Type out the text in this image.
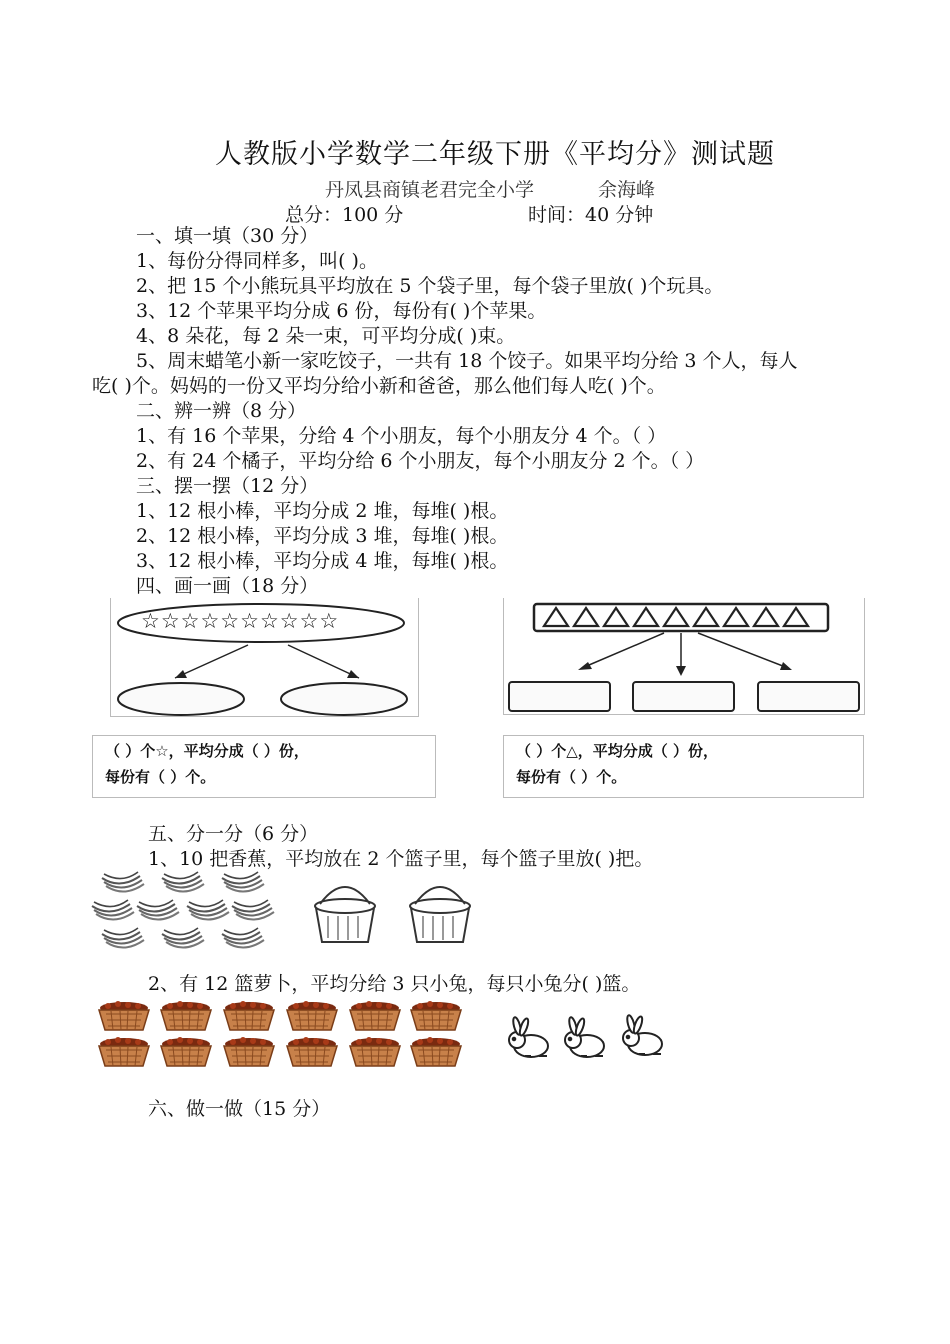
人教版小学数学二年级下册《平均分》测试题
丹凤县商镇老君完全小学	余海峰
总分：100 分	时间：40 分钟
一、填一填（30 分）
1、每份分得同样多，叫( )。
2、把 15 个小熊玩具平均放在 5 个袋子里，每个袋子里放( )个玩具。
3、12 个苹果平均分成 6 份，每份有( )个苹果。
4、8 朵花，每 2 朵一束，可平均分成( )束。
5、周末蜡笔小新一家吃饺子，一共有 18 个饺子。如果平均分给 3 个人，每人
吃( )个。妈妈的一份又平均分给小新和爸爸，那么他们每人吃( )个。
二、辨一辨（8 分）
1、有 16 个苹果，分给 4 个小朋友，每个小朋友分 4 个。（ ）
2、有 24 个橘子，平均分给 6 个小朋友，每个小朋友分 2 个。（ ）
三、摆一摆（12 分）
1、12 根小棒，平均分成 2 堆，每堆( )根。
2、12 根小棒，平均分成 3 堆，每堆( )根。
3、12 根小棒，平均分成 4 堆，每堆( )根。
四、画一画（18 分）
☆☆☆☆☆☆☆☆☆☆
（ ）个☆，平均分成（ ）份，
每份有（ ）个。
（ ）个△，平均分成（ ）份，
每份有（ ）个。
五、分一分（6 分）
1、10 把香蕉，平均放在 2 个篮子里，每个篮子里放( )把。
2、有 12 篮萝卜，平均分给 3 只小兔，每只小兔分( )篮。
六、做一做（15 分）
